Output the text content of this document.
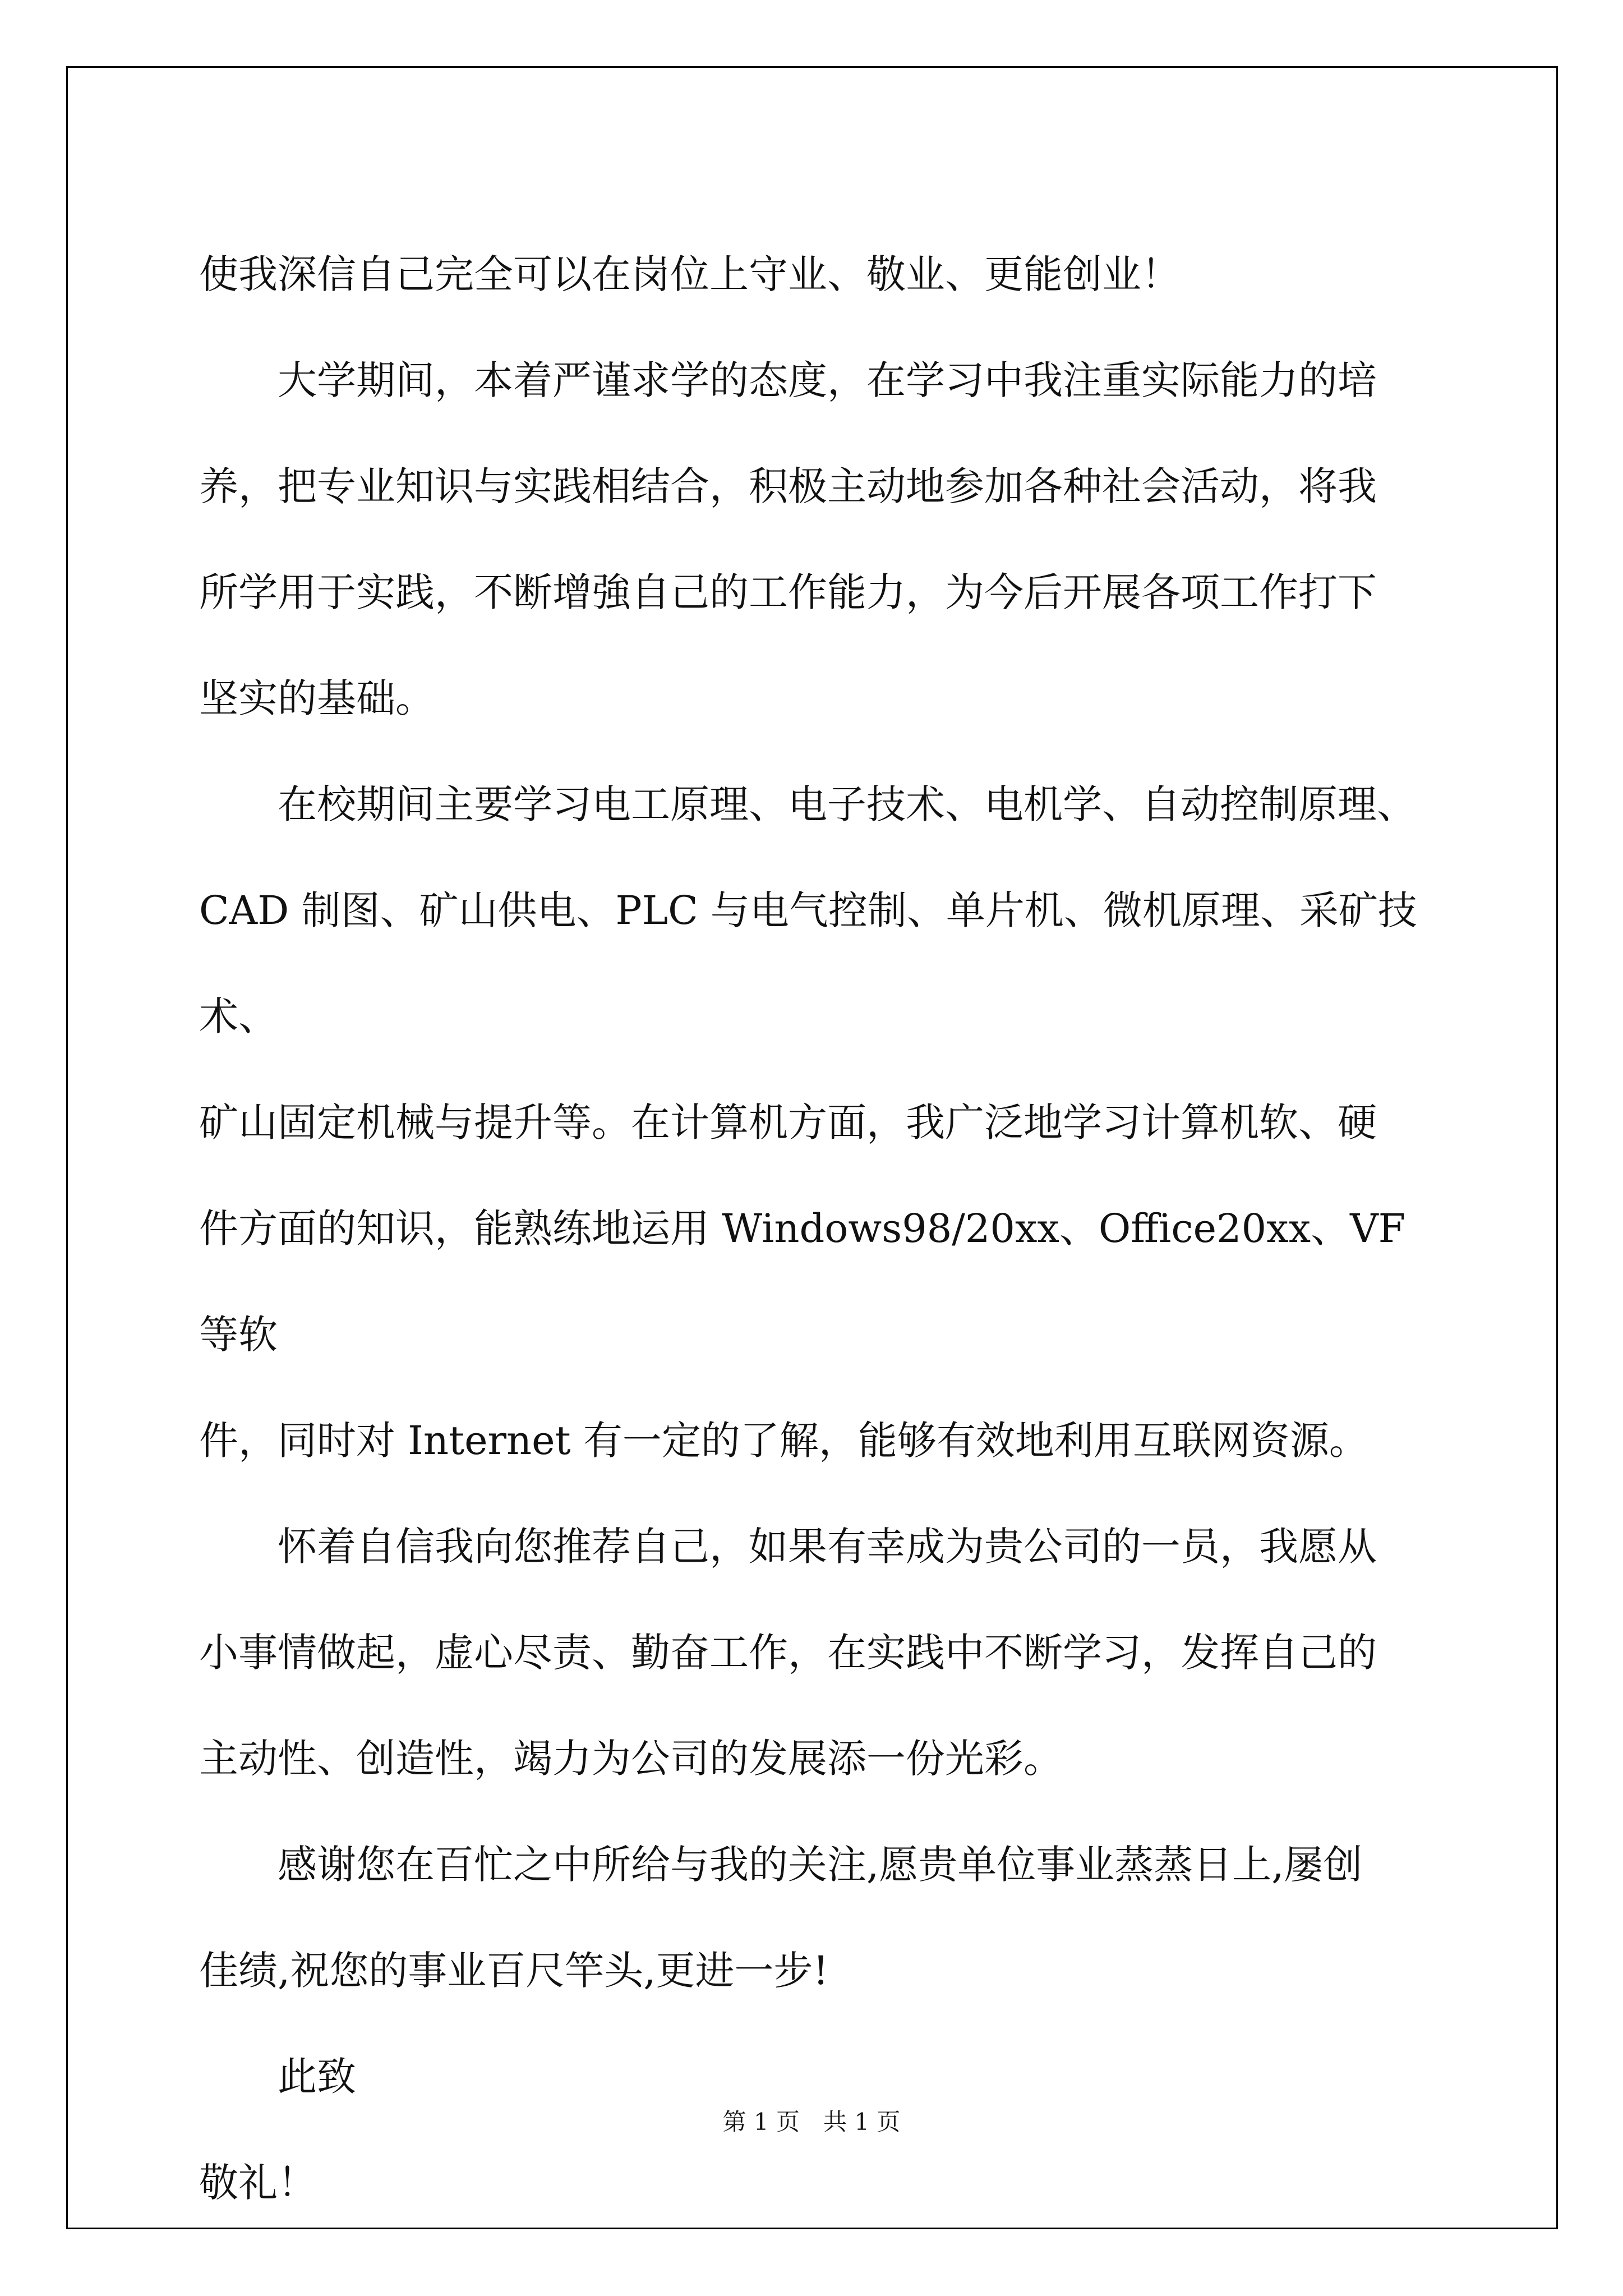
使我深信自己完全可以在岗位上守业、敬业、更能创业！

　　大学期间，本着严谨求学的态度，在学习中我注重实际能力的培
养，把专业知识与实践相结合，积极主动地参加各种社会活动，将我
所学用于实践，不断增強自己的工作能力，为今后开展各项工作打下
坚实的基础。

　　在校期间主要学习电工原理、电子技术、电机学、自动控制原理、
CAD 制图、矿山供电、PLC 与电气控制、单片机、微机原理、采矿技术、
矿山固定机械与提升等。在计算机方面，我广泛地学习计算机软、硬
件方面的知识，能熟练地运用 Windows98/20xx、Office20xx、VF 等软
件，同时对 Internet 有一定的了解，能够有效地利用互联网资源。

　　怀着自信我向您推荐自己，如果有幸成为贵公司的一员，我愿从
小事情做起，虚心尽责、勤奋工作，在实践中不断学习，发挥自己的
主动性、创造性，竭力为公司的发展添一份光彩。

　　感谢您在百忙之中所给与我的关注,愿贵单位事业蒸蒸日上,屡创
佳绩,祝您的事业百尺竿头,更进一步!

　　此致

敬礼！

第 1 页　共 1 页
